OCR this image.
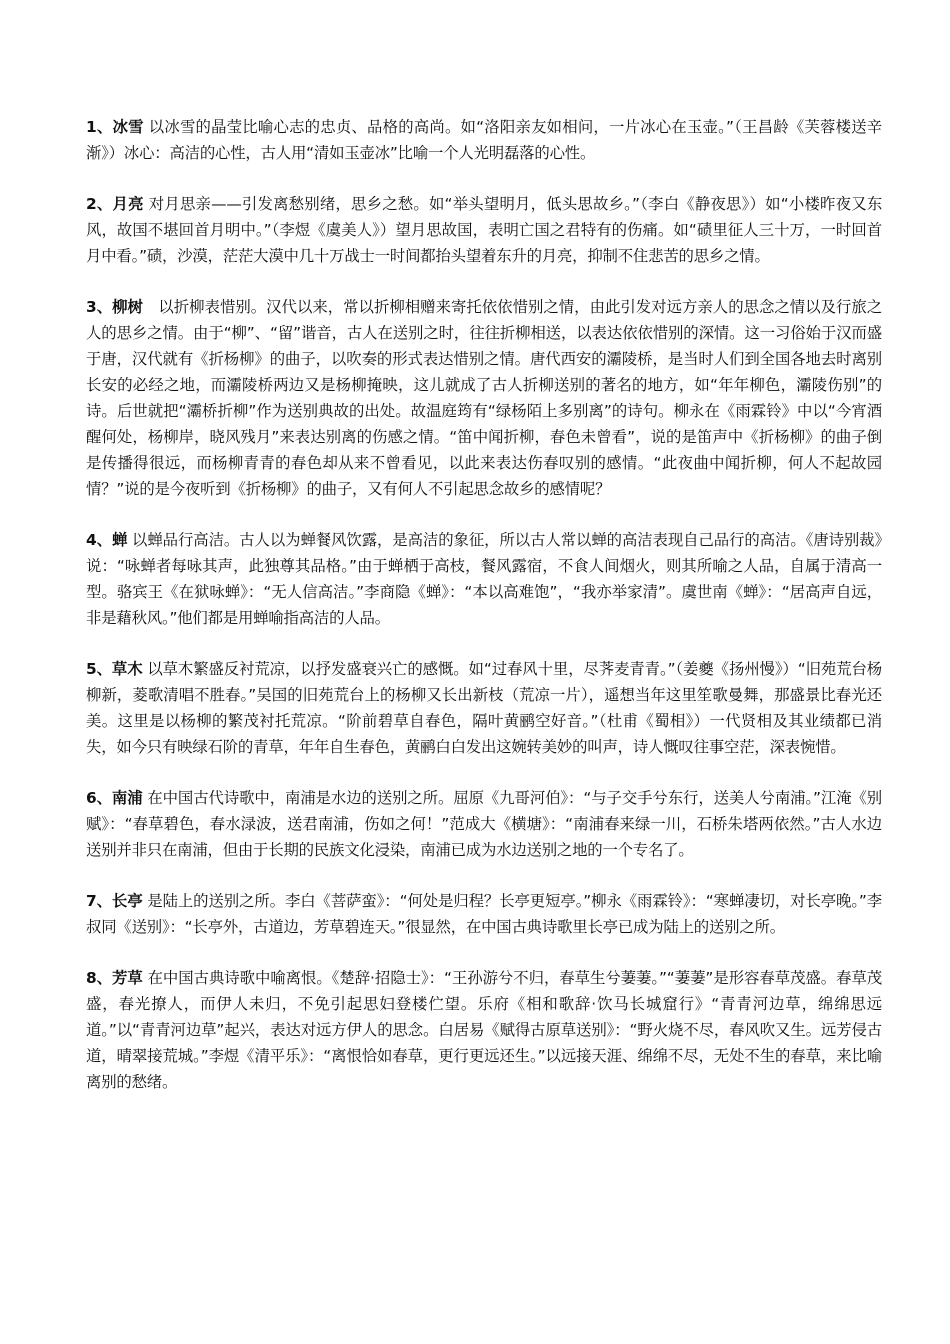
1、冰雪 以冰雪的晶莹比喻心志的忠贞、品格的高尚。如“洛阳亲友如相问，一片冰心在玉壶。”（王昌龄《芙蓉楼送辛渐》）冰心：高洁的心性，古人用“清如玉壶冰”比喻一个人光明磊落的心性。

2、月亮 对月思亲——引发离愁别绪，思乡之愁。如“举头望明月，低头思故乡。”（李白《静夜思》）如“小楼昨夜又东风，故国不堪回首月明中。”（李煜《虞美人》）望月思故国，表明亡国之君特有的伤痛。如“碛里征人三十万，一时回首月中看。”碛，沙漠，茫茫大漠中几十万战士一时间都抬头望着东升的月亮，抑制不住悲苦的思乡之情。

3、柳树　以折柳表惜别。汉代以来，常以折柳相赠来寄托依依惜别之情，由此引发对远方亲人的思念之情以及行旅之人的思乡之情。由于“柳”、“留”谐音，古人在送别之时，往往折柳相送，以表达依依惜别的深情。这一习俗始于汉而盛于唐，汉代就有《折杨柳》的曲子，以吹奏的形式表达惜别之情。唐代西安的灞陵桥，是当时人们到全国各地去时离别长安的必经之地，而灞陵桥两边又是杨柳掩映，这儿就成了古人折柳送别的著名的地方，如“年年柳色，灞陵伤别”的诗。后世就把“灞桥折柳”作为送别典故的出处。故温庭筠有“绿杨陌上多别离”的诗句。柳永在《雨霖铃》中以“今宵酒醒何处，杨柳岸，晓风残月”来表达别离的伤感之情。“笛中闻折柳，春色未曾看”，说的是笛声中《折杨柳》的曲子倒是传播得很远，而杨柳青青的春色却从来不曾看见，以此来表达伤春叹别的感情。“此夜曲中闻折柳，何人不起故园情？”说的是今夜听到《折杨柳》的曲子，又有何人不引起思念故乡的感情呢？

4、蝉 以蝉品行高洁。古人以为蝉餐风饮露，是高洁的象征，所以古人常以蝉的高洁表现自己品行的高洁。《唐诗别裁》说：“咏蝉者每咏其声，此独尊其品格。”由于蝉栖于高枝，餐风露宿，不食人间烟火，则其所喻之人品，自属于清高一型。骆宾王《在狱咏蝉》：“无人信高洁。”李商隐《蝉》：“本以高难饱”，“我亦举家清”。虞世南《蝉》：“居高声自远，非是藉秋风。”他们都是用蝉喻指高洁的人品。

5、草木 以草木繁盛反衬荒凉，以抒发盛衰兴亡的感慨。如“过春风十里，尽荠麦青青。”（姜夔《扬州慢》）“旧苑荒台杨柳新，菱歌清唱不胜春。”吴国的旧苑荒台上的杨柳又长出新枝（荒凉一片），遥想当年这里笙歌曼舞，那盛景比春光还美。这里是以杨柳的繁茂衬托荒凉。“阶前碧草自春色，隔叶黄鹂空好音。”（杜甫《蜀相》）一代贤相及其业绩都已消失，如今只有映绿石阶的青草，年年自生春色，黄鹂白白发出这婉转美妙的叫声，诗人慨叹往事空茫，深表惋惜。

6、南浦 在中国古代诗歌中，南浦是水边的送别之所。屈原《九哥河伯》：“与子交手兮东行，送美人兮南浦。”江淹《别赋》：“春草碧色，春水渌波，送君南浦，伤如之何！”范成大《横塘》：“南浦春来绿一川，石桥朱塔两依然。”古人水边送别并非只在南浦，但由于长期的民族文化浸染，南浦已成为水边送别之地的一个专名了。

7、长亭 是陆上的送别之所。李白《菩萨蛮》：“何处是归程？长亭更短亭。”柳永《雨霖铃》：“寒蝉凄切，对长亭晚。”李叔同《送别》：“长亭外，古道边，芳草碧连天。”很显然，在中国古典诗歌里长亭已成为陆上的送别之所。

8、芳草 在中国古典诗歌中喻离恨。《楚辞·招隐士》：“王孙游兮不归，春草生兮萋萋。”“萋萋”是形容春草茂盛。春草茂盛，春光撩人，而伊人未归，不免引起思妇登楼伫望。乐府《相和歌辞·饮马长城窟行》“青青河边草，绵绵思远道。”以“青青河边草”起兴，表达对远方伊人的思念。白居易《赋得古原草送别》：“野火烧不尽，春风吹又生。远芳侵古道，晴翠接荒城。”李煜《清平乐》：“离恨恰如春草，更行更远还生。”以远接天涯、绵绵不尽，无处不生的春草，来比喻离别的愁绪。
